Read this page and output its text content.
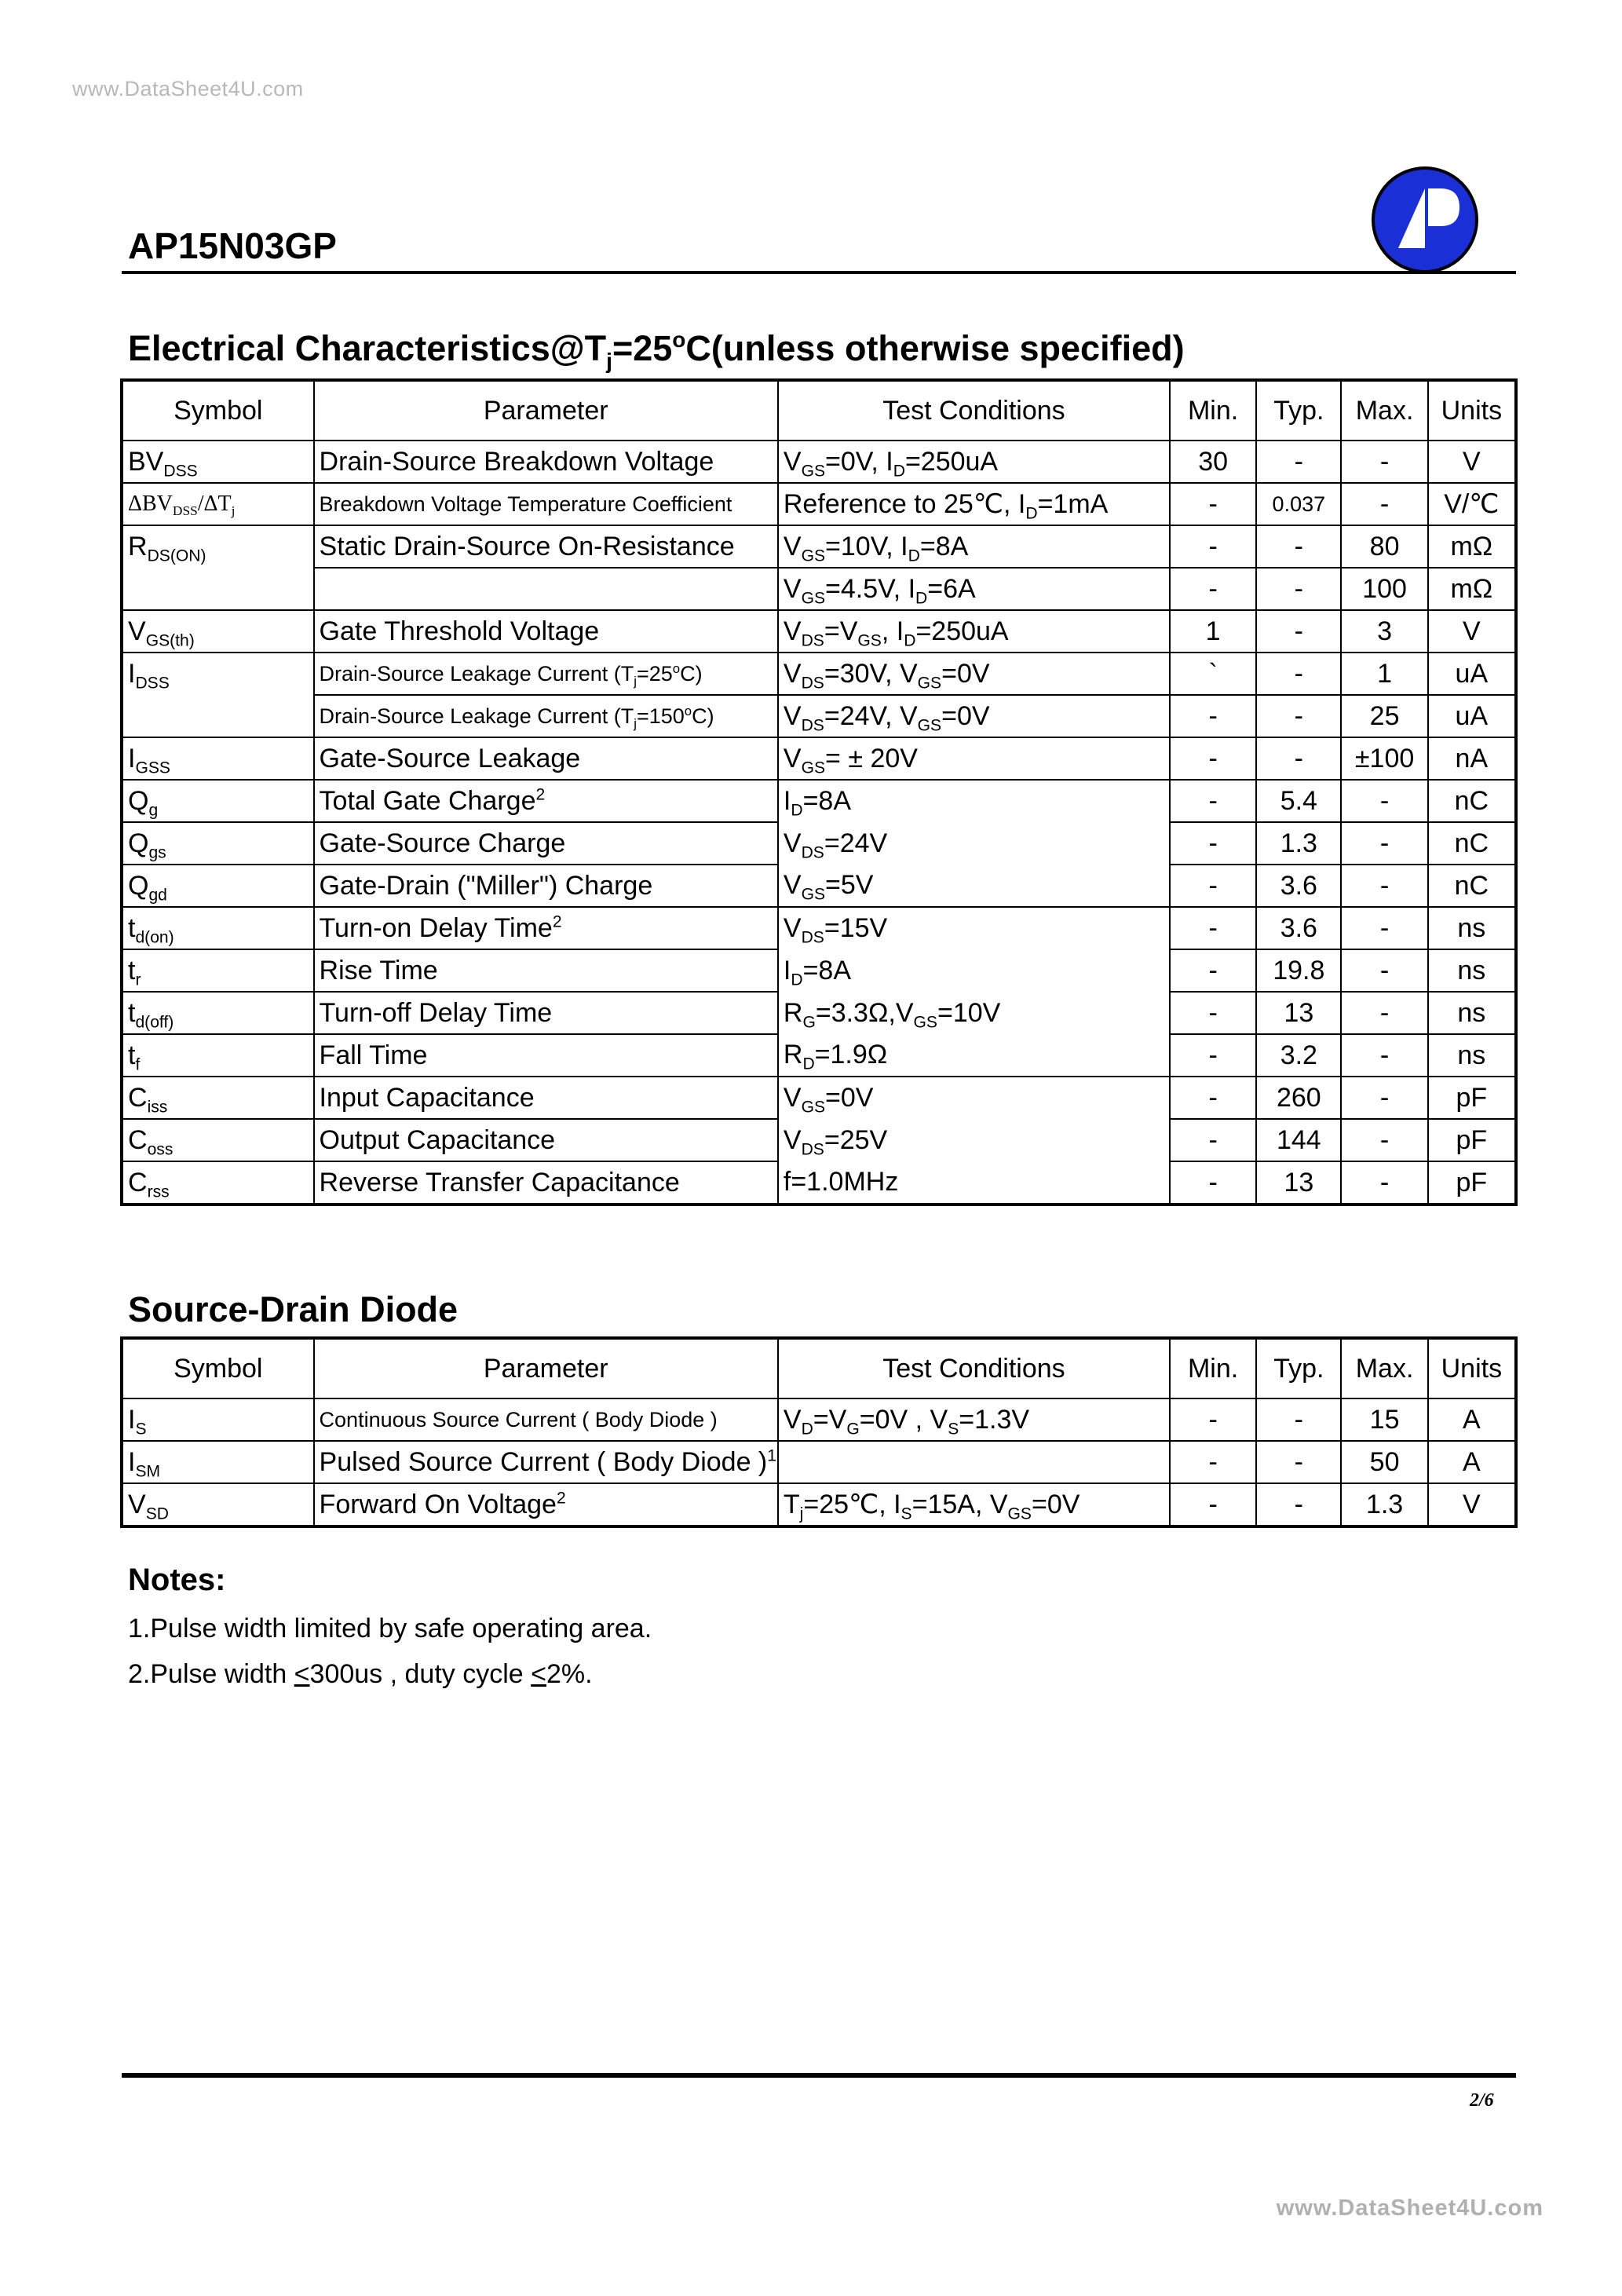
www.DataSheet4U.com
AP15N03GP
Electrical $Characteristics@T_j=25^oC(unless$ otherwise specified)
Symbol	Parameter	Test Conditions	Min.	Typ.	Max.	Units
$BV_{DSS}$	Drain-Source Breakdown Voltage	$V_{GS}=0V$, $I_D=250uA$	30	-	-	V
$\Delta BV_{DSS}/\Delta T_j$	Breakdown Voltage Temperature Coefficient	Reference to 25℃, $I_D=1mA$	-	0.037	-	V/℃
$R_{DS(ON)}$	Static Drain-Source On-Resistance	$V_{GS}=10V$, $I_D=8A$	-	-	80	mΩ
		$V_{GS}=4.5V$, $I_D=6A$	-	-	100	mΩ
$V_{GS(th)}$	Gate Threshold Voltage	$V_{DS}=V_{GS}$, $I_D=250uA$	1	-	3	V
$I_{DSS}$	Drain-Source Leakage Current $(T_j=25^oC)$	$V_{DS}=30V$, $V_{GS}=0V$	`	-	1	uA
	Drain-Source Leakage Current $(T_j=150^oC)$	$V_{DS}=24V$, $V_{GS}=0V$	-	-	25	uA
$I_{GSS}$	Gate-Source Leakage	$V_{GS}= \pm 20V$	-	-	±100	nA
$Q_g$	Total Gate Charge$^2$	$I_D=8A$	-	5.4	-	nC
$Q_{gs}$	Gate-Source Charge	$V_{DS}=24V$	-	1.3	-	nC
$Q_{gd}$	Gate-Drain ("Miller") Charge	$V_{GS}=5V$	-	3.6	-	nC
$t_{d(on)}$	Turn-on Delay Time$^2$	$V_{DS}=15V$	-	3.6	-	ns
$t_r$	Rise Time	$I_D=8A$	-	19.8	-	ns
$t_{d(off)}$	Turn-off Delay Time	$R_G=3.3\Omega,V_{GS}=10V$	-	13	-	ns
$t_f$	Fall Time	$R_D=1.9\Omega$	-	3.2	-	ns
$C_{iss}$	Input Capacitance	$V_{GS}=0V$	-	260	-	pF
$C_{oss}$	Output Capacitance	$V_{DS}=25V$	-	144	-	pF
$C_{rss}$	Reverse Transfer Capacitance	f=1.0MHz	-	13	-	pF
Source-Drain Diode
Symbol	Parameter	Test Conditions	Min.	Typ.	Max.	Units
$I_S$	Continuous Source Current ( Body Diode )	$V_D=V_G=0V$ , $V_S=1.3V$	-	-	15	A
$I_{SM}$	Pulsed Source Current ( Body Diode )$^1$		-	-	50	A
$V_{SD}$	Forward On Voltage$^2$	$T_j=25℃$, $I_S=15A$, $V_{GS}=0V$	-	-	1.3	V
Notes:
1.Pulse width limited by safe operating area.
2.Pulse width <300us , duty cycle <2%.
2/6
www.DataSheet4U.com
